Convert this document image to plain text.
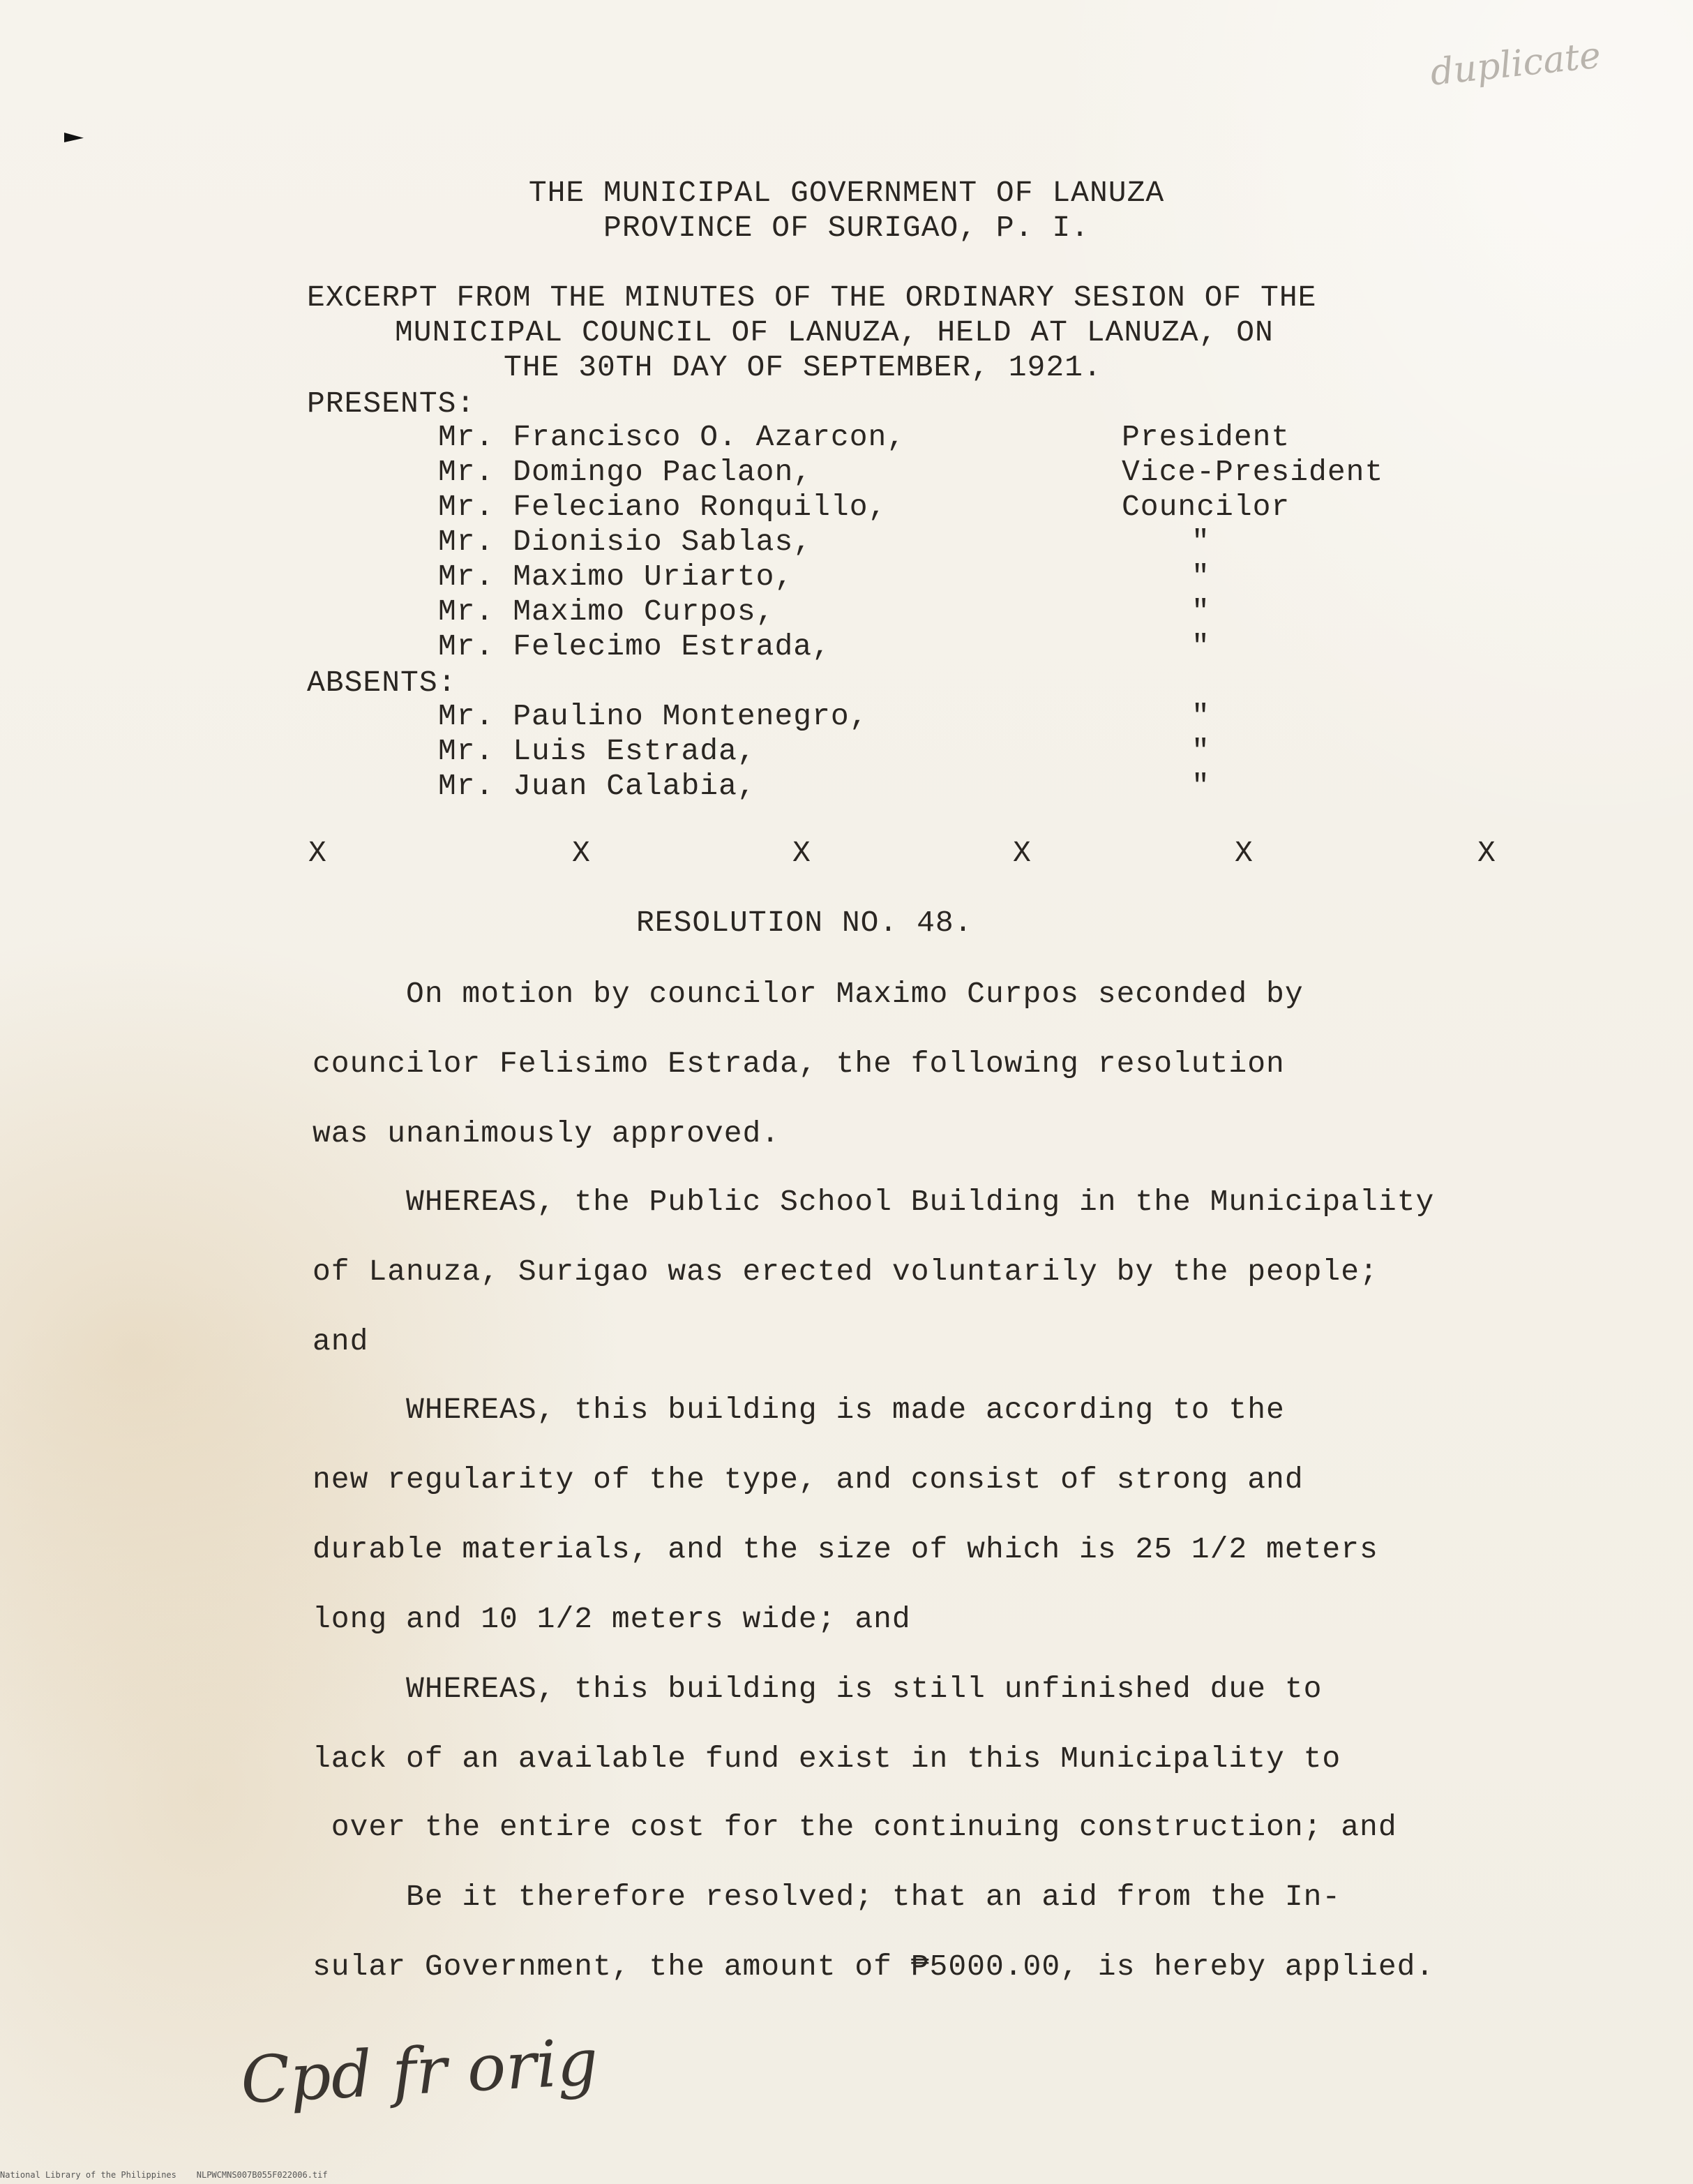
duplicate

THE MUNICIPAL GOVERNMENT OF LANUZA

PROVINCE OF SURIGAO, P. I.

EXCERPT FROM THE MINUTES OF THE ORDINARY SESION OF THE

MUNICIPAL COUNCIL OF LANUZA, HELD AT LANUZA, ON

THE 30TH DAY OF SEPTEMBER, 1921.

PRESENTS:

Mr. Francisco O. Azarcon,	President

Mr. Domingo Paclaon,	Vice-President

Mr. Feleciano Ronquillo,	Councilor

Mr. Dionisio Sablas,	"

Mr. Maximo Uriarto,	"

Mr. Maximo Curpos,	"

Mr. Felecimo Estrada,	"

ABSENTS:

Mr. Paulino Montenegro,	"

Mr. Luis Estrada,	"

Mr. Juan Calabia,	"

X	X	X	X	X	X

RESOLUTION NO. 48.

On motion by councilor Maximo Curpos seconded by

councilor Felisimo Estrada, the following resolution

was unanimously approved.

WHEREAS, the Public School Building in the Municipality

of Lanuza, Surigao was erected voluntarily by the people;

and

WHEREAS, this building is made according to the

new regularity of the type, and consist of strong and

durable materials, and the size of which is 25 1/2 meters

long and 10 1/2 meters wide; and

WHEREAS, this building is still unfinished due to

lack of an available fund exist in this Municipality to

over the entire cost for the continuing construction; and

Be it therefore resolved; that an aid from the In-

sular Government, the amount of ₱5000.00, is hereby applied.

Cpd fr orig
National Library of the Philippines    NLPWCMNS007B055F022006.tif
